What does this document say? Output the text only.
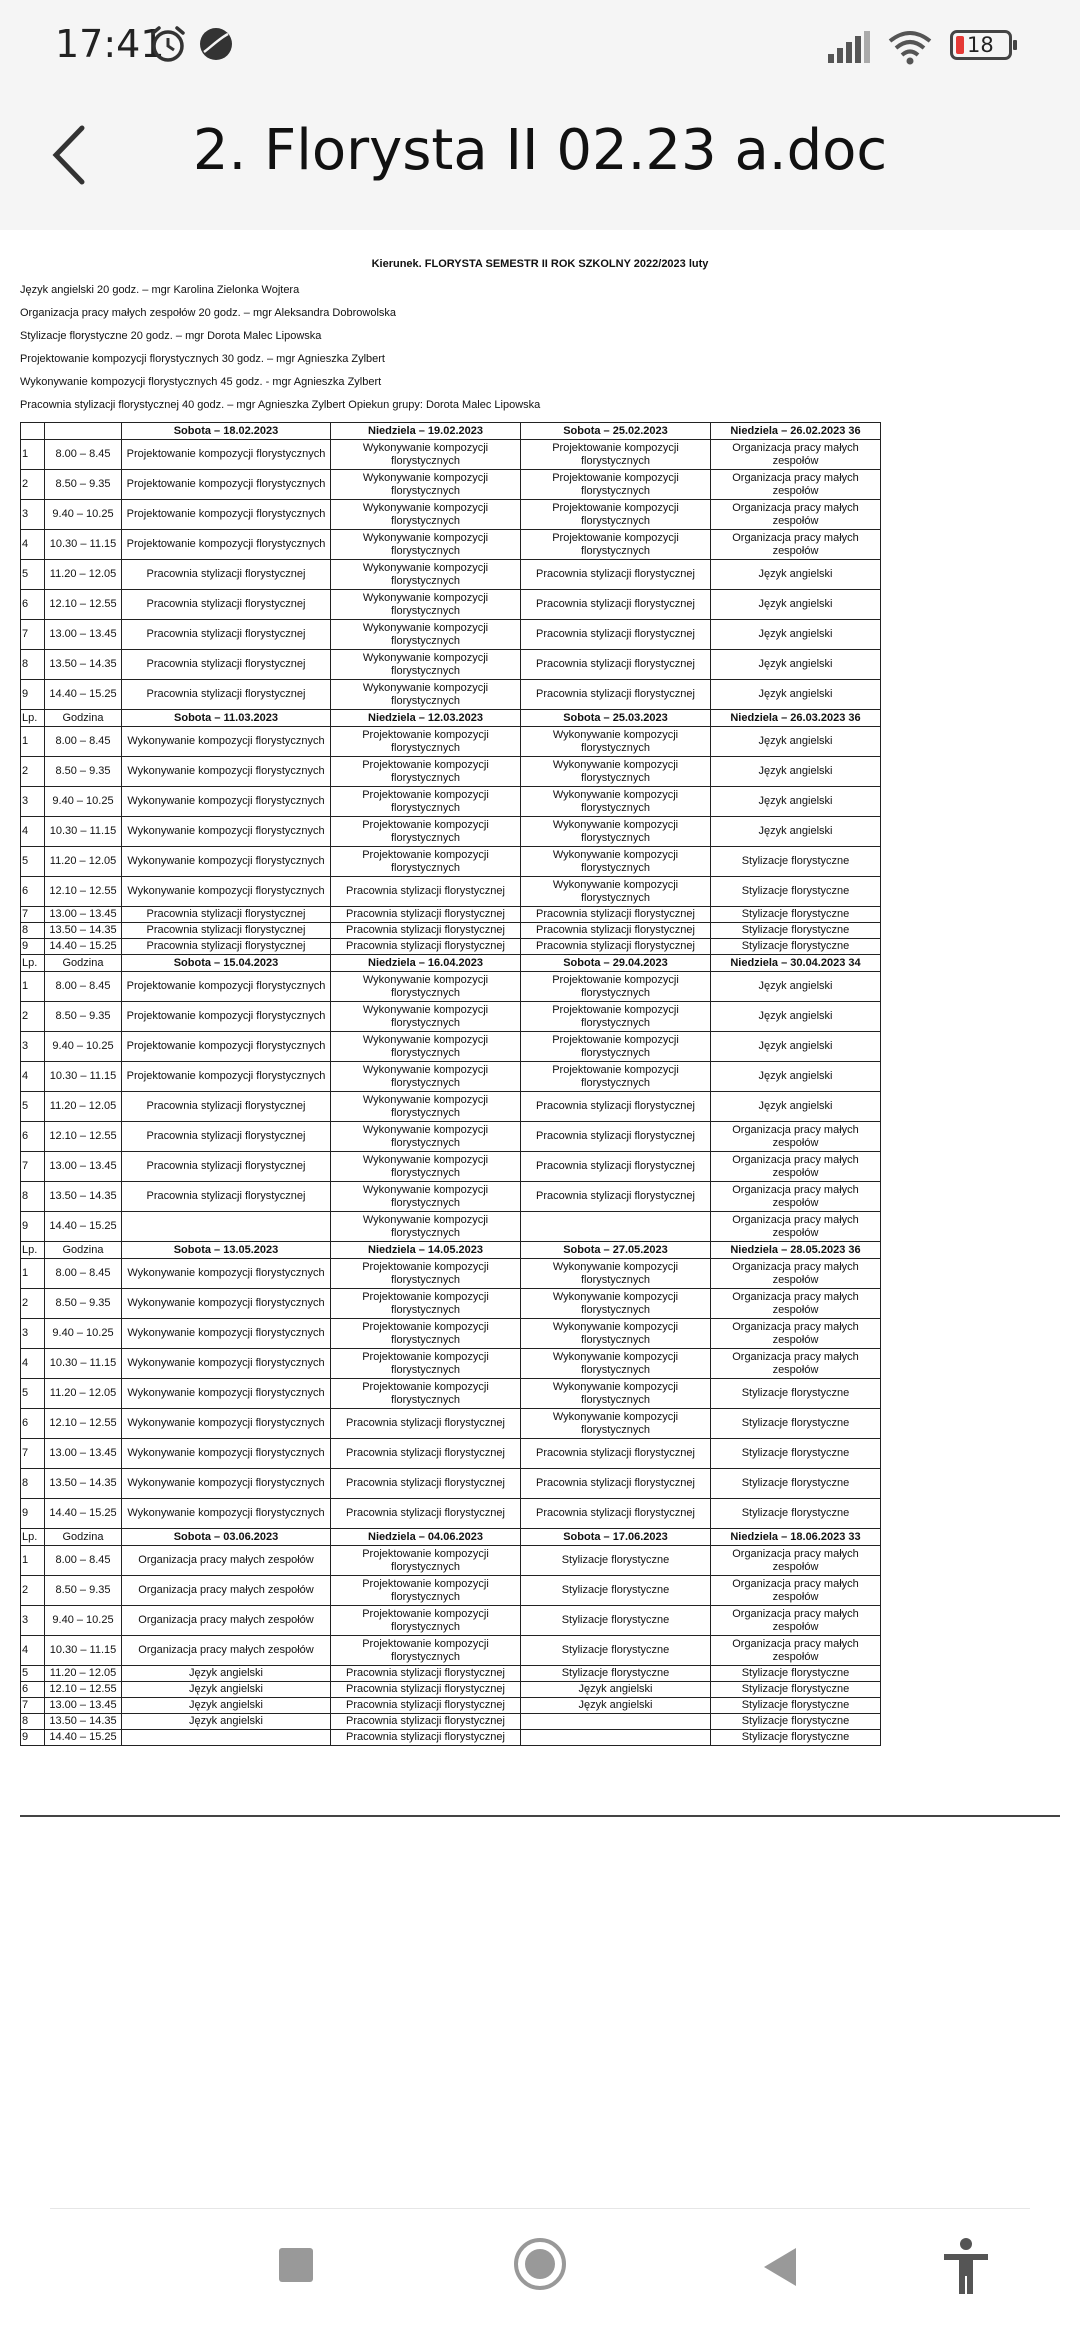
17:41	18
2. Florysta II 02.23 a.doc
Kierunek. FLORYSTA SEMESTR II ROK SZKOLNY 2022/2023 luty
Język angielski 20 godz. – mgr Karolina Zielonka Wojtera
Organizacja pracy małych zespołów 20 godz. – mgr Aleksandra Dobrowolska
Stylizacje florystyczne 20 godz. – mgr Dorota Malec Lipowska
Projektowanie kompozycji florystycznych 30 godz. – mgr Agnieszka Zylbert
Wykonywanie kompozycji florystycznych 45 godz. - mgr Agnieszka Zylbert
Pracownia stylizacji florystycznej 40 godz. – mgr Agnieszka Zylbert Opiekun grupy: Dorota Malec Lipowska
		Sobota – 18.02.2023	Niedziela – 19.02.2023	Sobota – 25.02.2023	Niedziela – 26.02.2023 36
1	8.00 – 8.45	Projektowanie kompozycji florystycznych	Wykonywanie kompozycji florystycznych	Projektowanie kompozycji florystycznych	Organizacja pracy małych zespołów
2	8.50 – 9.35	Projektowanie kompozycji florystycznych	Wykonywanie kompozycji florystycznych	Projektowanie kompozycji florystycznych	Organizacja pracy małych zespołów
3	9.40 – 10.25	Projektowanie kompozycji florystycznych	Wykonywanie kompozycji florystycznych	Projektowanie kompozycji florystycznych	Organizacja pracy małych zespołów
4	10.30 – 11.15	Projektowanie kompozycji florystycznych	Wykonywanie kompozycji florystycznych	Projektowanie kompozycji florystycznych	Organizacja pracy małych zespołów
5	11.20 – 12.05	Pracownia stylizacji florystycznej	Wykonywanie kompozycji florystycznych	Pracownia stylizacji florystycznej	Język angielski
6	12.10 – 12.55	Pracownia stylizacji florystycznej	Wykonywanie kompozycji florystycznych	Pracownia stylizacji florystycznej	Język angielski
7	13.00 – 13.45	Pracownia stylizacji florystycznej	Wykonywanie kompozycji florystycznych	Pracownia stylizacji florystycznej	Język angielski
8	13.50 – 14.35	Pracownia stylizacji florystycznej	Wykonywanie kompozycji florystycznych	Pracownia stylizacji florystycznej	Język angielski
9	14.40 – 15.25	Pracownia stylizacji florystycznej	Wykonywanie kompozycji florystycznych	Pracownia stylizacji florystycznej	Język angielski
Lp.	Godzina	Sobota – 11.03.2023	Niedziela – 12.03.2023	Sobota – 25.03.2023	Niedziela – 26.03.2023 36
1	8.00 – 8.45	Wykonywanie kompozycji florystycznych	Projektowanie kompozycji florystycznych	Wykonywanie kompozycji florystycznych	Język angielski
2	8.50 – 9.35	Wykonywanie kompozycji florystycznych	Projektowanie kompozycji florystycznych	Wykonywanie kompozycji florystycznych	Język angielski
3	9.40 – 10.25	Wykonywanie kompozycji florystycznych	Projektowanie kompozycji florystycznych	Wykonywanie kompozycji florystycznych	Język angielski
4	10.30 – 11.15	Wykonywanie kompozycji florystycznych	Projektowanie kompozycji florystycznych	Wykonywanie kompozycji florystycznych	Język angielski
5	11.20 – 12.05	Wykonywanie kompozycji florystycznych	Projektowanie kompozycji florystycznych	Wykonywanie kompozycji florystycznych	Stylizacje florystyczne
6	12.10 – 12.55	Wykonywanie kompozycji florystycznych	Pracownia stylizacji florystycznej	Wykonywanie kompozycji florystycznych	Stylizacje florystyczne
7	13.00 – 13.45	Pracownia stylizacji florystycznej	Pracownia stylizacji florystycznej	Pracownia stylizacji florystycznej	Stylizacje florystyczne
8	13.50 – 14.35	Pracownia stylizacji florystycznej	Pracownia stylizacji florystycznej	Pracownia stylizacji florystycznej	Stylizacje florystyczne
9	14.40 – 15.25	Pracownia stylizacji florystycznej	Pracownia stylizacji florystycznej	Pracownia stylizacji florystycznej	Stylizacje florystyczne
Lp.	Godzina	Sobota – 15.04.2023	Niedziela – 16.04.2023	Sobota – 29.04.2023	Niedziela – 30.04.2023 34
1	8.00 – 8.45	Projektowanie kompozycji florystycznych	Wykonywanie kompozycji florystycznych	Projektowanie kompozycji florystycznych	Język angielski
2	8.50 – 9.35	Projektowanie kompozycji florystycznych	Wykonywanie kompozycji florystycznych	Projektowanie kompozycji florystycznych	Język angielski
3	9.40 – 10.25	Projektowanie kompozycji florystycznych	Wykonywanie kompozycji florystycznych	Projektowanie kompozycji florystycznych	Język angielski
4	10.30 – 11.15	Projektowanie kompozycji florystycznych	Wykonywanie kompozycji florystycznych	Projektowanie kompozycji florystycznych	Język angielski
5	11.20 – 12.05	Pracownia stylizacji florystycznej	Wykonywanie kompozycji florystycznych	Pracownia stylizacji florystycznej	Język angielski
6	12.10 – 12.55	Pracownia stylizacji florystycznej	Wykonywanie kompozycji florystycznych	Pracownia stylizacji florystycznej	Organizacja pracy małych zespołów
7	13.00 – 13.45	Pracownia stylizacji florystycznej	Wykonywanie kompozycji florystycznych	Pracownia stylizacji florystycznej	Organizacja pracy małych zespołów
8	13.50 – 14.35	Pracownia stylizacji florystycznej	Wykonywanie kompozycji florystycznych	Pracownia stylizacji florystycznej	Organizacja pracy małych zespołów
9	14.40 – 15.25		Wykonywanie kompozycji florystycznych		Organizacja pracy małych zespołów
Lp.	Godzina	Sobota – 13.05.2023	Niedziela – 14.05.2023	Sobota – 27.05.2023	Niedziela – 28.05.2023 36
1	8.00 – 8.45	Wykonywanie kompozycji florystycznych	Projektowanie kompozycji florystycznych	Wykonywanie kompozycji florystycznych	Organizacja pracy małych zespołów
2	8.50 – 9.35	Wykonywanie kompozycji florystycznych	Projektowanie kompozycji florystycznych	Wykonywanie kompozycji florystycznych	Organizacja pracy małych zespołów
3	9.40 – 10.25	Wykonywanie kompozycji florystycznych	Projektowanie kompozycji florystycznych	Wykonywanie kompozycji florystycznych	Organizacja pracy małych zespołów
4	10.30 – 11.15	Wykonywanie kompozycji florystycznych	Projektowanie kompozycji florystycznych	Wykonywanie kompozycji florystycznych	Organizacja pracy małych zespołów
5	11.20 – 12.05	Wykonywanie kompozycji florystycznych	Projektowanie kompozycji florystycznych	Wykonywanie kompozycji florystycznych	Stylizacje florystyczne
6	12.10 – 12.55	Wykonywanie kompozycji florystycznych	Pracownia stylizacji florystycznej	Wykonywanie kompozycji florystycznych	Stylizacje florystyczne
7	13.00 – 13.45	Wykonywanie kompozycji florystycznych	Pracownia stylizacji florystycznej	Pracownia stylizacji florystycznej	Stylizacje florystyczne
8	13.50 – 14.35	Wykonywanie kompozycji florystycznych	Pracownia stylizacji florystycznej	Pracownia stylizacji florystycznej	Stylizacje florystyczne
9	14.40 – 15.25	Wykonywanie kompozycji florystycznych	Pracownia stylizacji florystycznej	Pracownia stylizacji florystycznej	Stylizacje florystyczne
Lp.	Godzina	Sobota – 03.06.2023	Niedziela – 04.06.2023	Sobota – 17.06.2023	Niedziela – 18.06.2023 33
1	8.00 – 8.45	Organizacja pracy małych zespołów	Projektowanie kompozycji florystycznych	Stylizacje florystyczne	Organizacja pracy małych zespołów
2	8.50 – 9.35	Organizacja pracy małych zespołów	Projektowanie kompozycji florystycznych	Stylizacje florystyczne	Organizacja pracy małych zespołów
3	9.40 – 10.25	Organizacja pracy małych zespołów	Projektowanie kompozycji florystycznych	Stylizacje florystyczne	Organizacja pracy małych zespołów
4	10.30 – 11.15	Organizacja pracy małych zespołów	Projektowanie kompozycji florystycznych	Stylizacje florystyczne	Organizacja pracy małych zespołów
5	11.20 – 12.05	Język angielski	Pracownia stylizacji florystycznej	Stylizacje florystyczne	Stylizacje florystyczne
6	12.10 – 12.55	Język angielski	Pracownia stylizacji florystycznej	Język angielski	Stylizacje florystyczne
7	13.00 – 13.45	Język angielski	Pracownia stylizacji florystycznej	Język angielski	Stylizacje florystyczne
8	13.50 – 14.35	Język angielski	Pracownia stylizacji florystycznej		Stylizacje florystyczne
9	14.40 – 15.25		Pracownia stylizacji florystycznej		Stylizacje florystyczne
